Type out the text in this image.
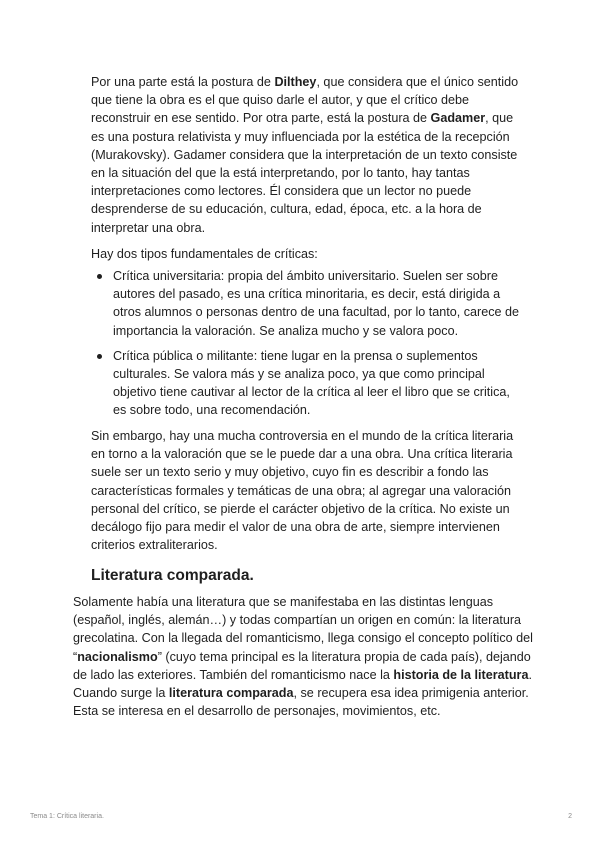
Por una parte está la postura de Dilthey, que considera que el único sentido que tiene la obra es el que quiso darle el autor, y que el crítico debe reconstruir en ese sentido. Por otra parte, está la postura de Gadamer, que es una postura relativista y muy influenciada por la estética de la recepción (Murakovsky). Gadamer considera que la interpretación de un texto consiste en la situación del que la está interpretando, por lo tanto, hay tantas interpretaciones como lectores. Él considera que un lector no puede desprenderse de su educación, cultura, edad, época, etc. a la hora de interpretar una obra.

Hay dos tipos fundamentales de críticas:

Crítica universitaria: propia del ámbito universitario. Suelen ser sobre autores del pasado, es una crítica minoritaria, es decir, está dirigida a otros alumnos o personas dentro de una facultad, por lo tanto, carece de importancia la valoración. Se analiza mucho y se valora poco.
Crítica pública o militante: tiene lugar en la prensa o suplementos culturales. Se valora más y se analiza poco, ya que como principal objetivo tiene cautivar al lector de la crítica al leer el libro que se critica, es sobre todo, una recomendación.

Sin embargo, hay una mucha controversia en el mundo de la crítica literaria en torno a la valoración que se le puede dar a una obra. Una crítica literaria suele ser un texto serio y muy objetivo, cuyo fin es describir a fondo las características formales y temáticas de una obra; al agregar una valoración personal del crítico, se pierde el carácter objetivo de la crítica. No existe un decálogo fijo para medir el valor de una obra de arte, siempre intervienen criterios extraliterarios.

Literatura comparada.

Solamente había una literatura que se manifestaba en las distintas lenguas (español, inglés, alemán…) y todas compartían un origen en común: la literatura grecolatina. Con la llegada del romanticismo, llega consigo el concepto político del “nacionalismo” (cuyo tema principal es la literatura propia de cada país), dejando de lado las exteriores. También del romanticismo nace la historia de la literatura. Cuando surge la literatura comparada, se recupera esa idea primigenia anterior. Esta se interesa en el desarrollo de personajes, movimientos, etc.

Tema 1: Crítica literaria.	2
